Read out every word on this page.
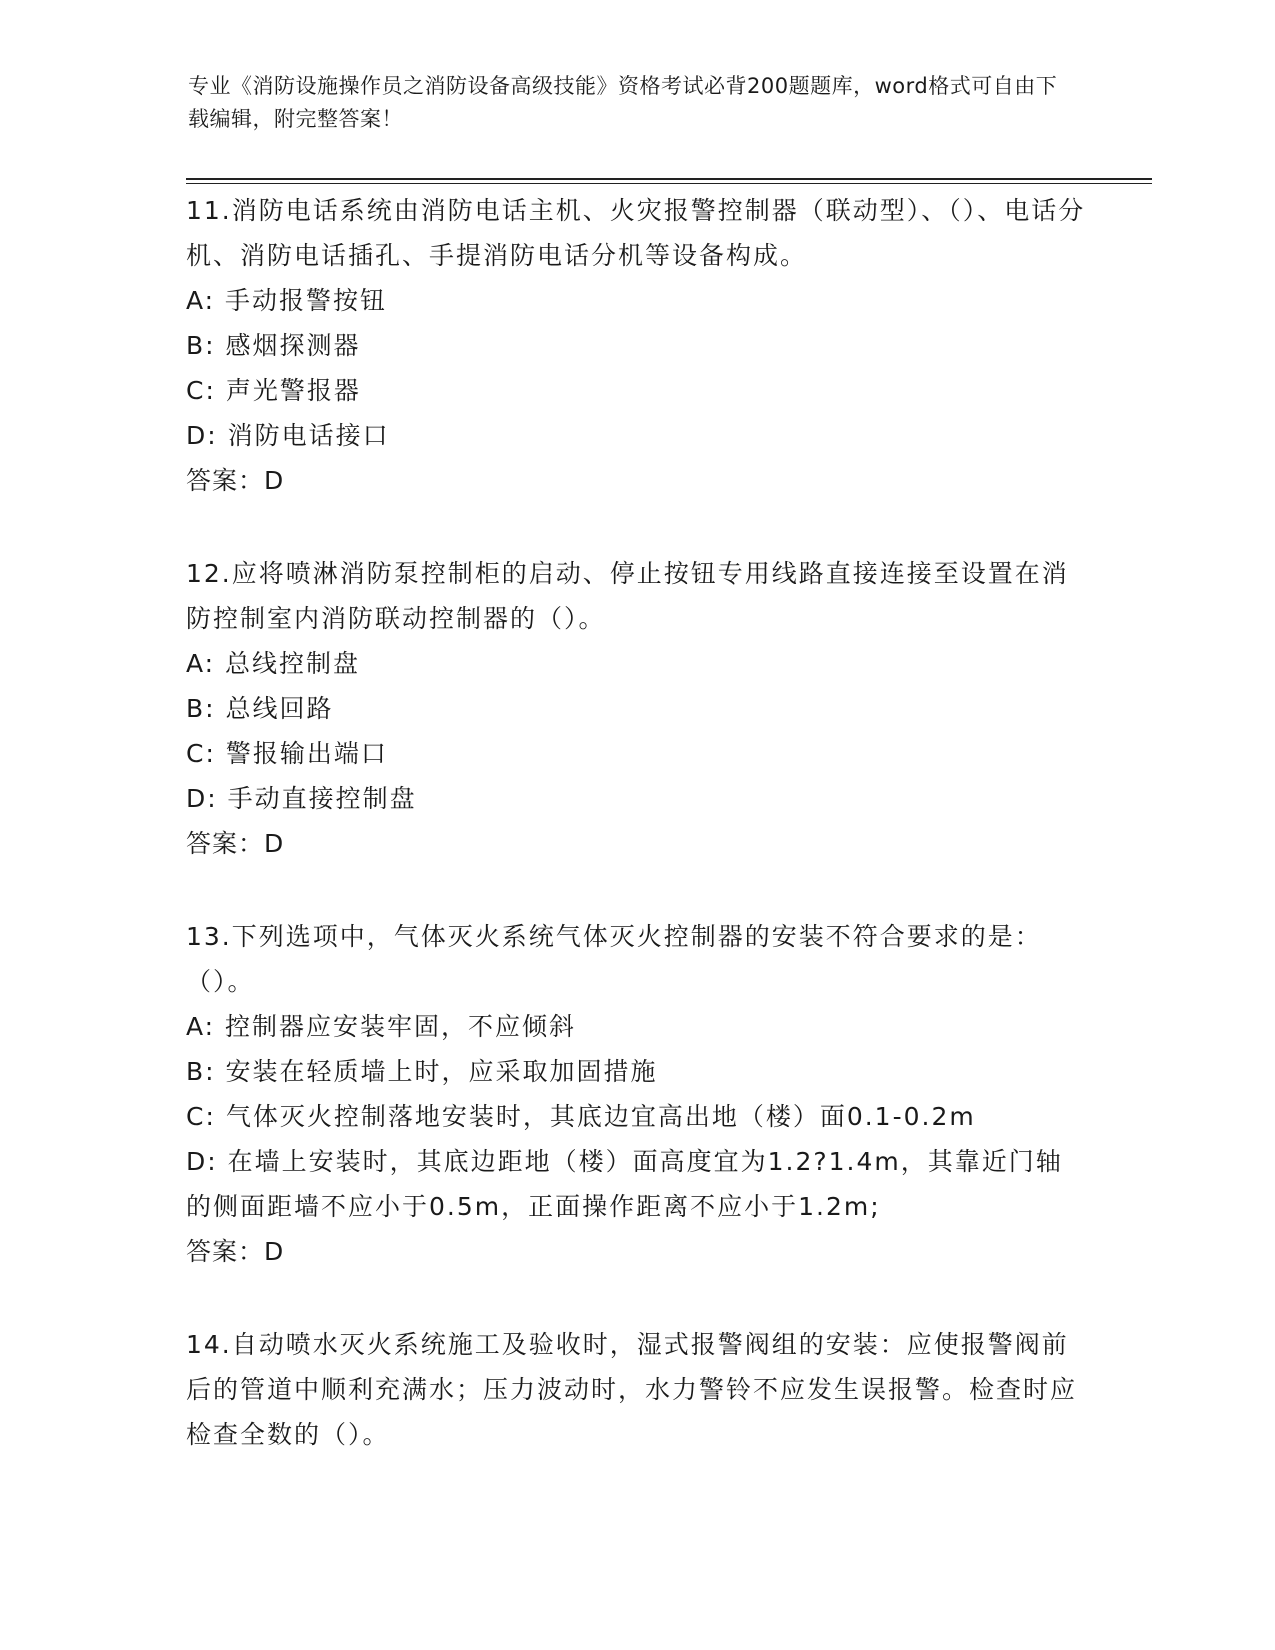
专业《消防设施操作员之消防设备高级技能》资格考试必背200题题库，word格式可自由下载编辑，附完整答案！

11.消防电话系统由消防电话主机、火灾报警控制器（联动型）、（）、电话分机、消防电话插孔、手提消防电话分机等设备构成。

A: 手动报警按钮

B: 感烟探测器

C: 声光警报器

D: 消防电话接口

答案：D

12.应将喷淋消防泵控制柜的启动、停止按钮专用线路直接连接至设置在消防控制室内消防联动控制器的（）。

A: 总线控制盘

B: 总线回路

C: 警报输出端口

D: 手动直接控制盘

答案：D

13.下列选项中，气体灭火系统气体灭火控制器的安装不符合要求的是：（）。

A: 控制器应安装牢固，不应倾斜

B: 安装在轻质墙上时，应采取加固措施

C: 气体灭火控制落地安装时，其底边宜高出地（楼）面0.1-0.2m

D: 在墙上安装时，其底边距地（楼）面高度宜为1.2?1.4m，其靠近门轴的侧面距墙不应小于0.5m，正面操作距离不应小于1.2m;

答案：D

14.自动喷水灭火系统施工及验收时，湿式报警阀组的安装：应使报警阀前后的管道中顺利充满水；压力波动时，水力警铃不应发生误报警。检查时应检查全数的（）。
